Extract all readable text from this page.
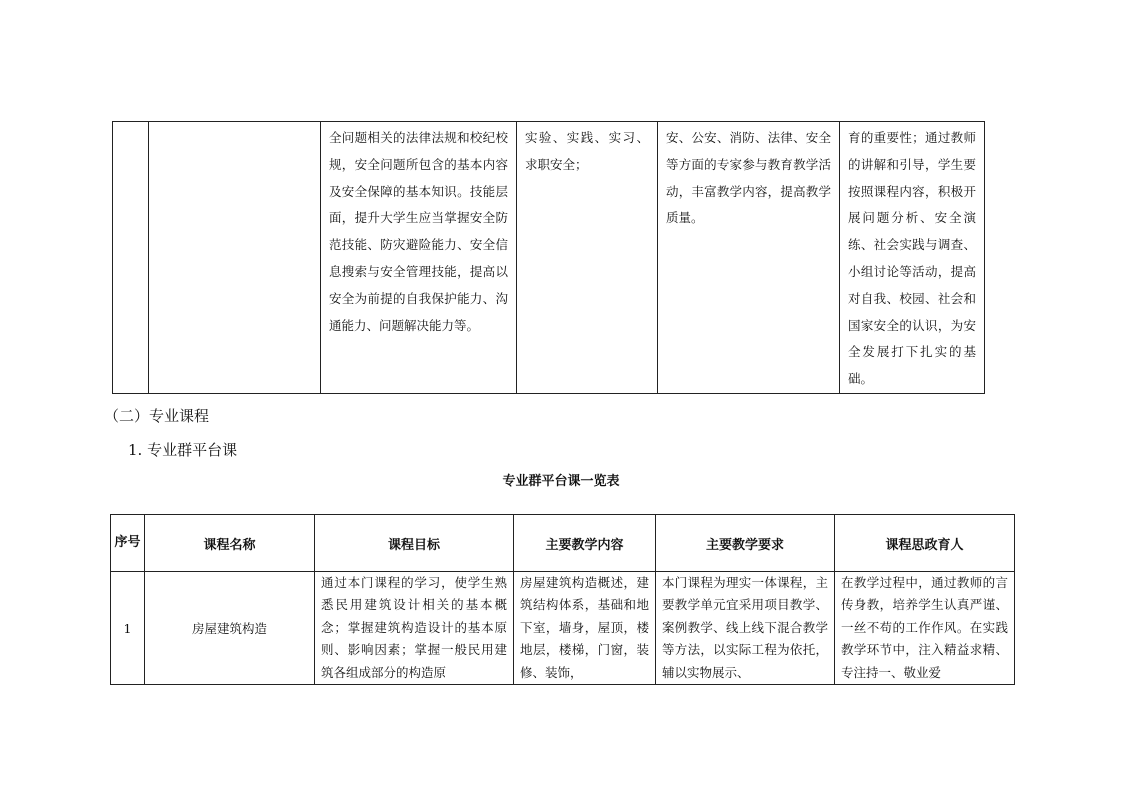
		全问题相关的法律法规和校纪校规，安全问题所包含的基本内容及安全保障的基本知识。技能层面，提升大学生应当掌握安全防范技能、防灾避险能力、安全信息搜索与安全管理技能，提高以安全为前提的自我保护能力、沟通能力、问题解决能力等。	实验、实践、实习、求职安全；	安、公安、消防、法律、安全等方面的专家参与教育教学活动，丰富教学内容，提高教学质量。	育的重要性；通过教师的讲解和引导，学生要按照课程内容，积极开展问题分析、安全演练、社会实践与调查、小组讨论等活动，提高对自我、校园、社会和国家安全的认识，为安全发展打下扎实的基础。
（二）专业课程
1. 专业群平台课
专业群平台课一览表
序号	课程名称	课程目标	主要教学内容	主要教学要求	课程思政育人
1	房屋建筑构造	通过本门课程的学习，使学生熟悉民用建筑设计相关的基本概念；掌握建筑构造设计的基本原则、影响因素；掌握一般民用建筑各组成部分的构造原	房屋建筑构造概述，建筑结构体系，基础和地下室，墙身，屋顶，楼地层，楼梯，门窗，装修、装饰，	本门课程为理实一体课程，主要教学单元宜采用项目教学、案例教学、线上线下混合教学等方法，以实际工程为依托，辅以实物展示、	在教学过程中，通过教师的言传身教，培养学生认真严谨、一丝不苟的工作作风。在实践教学环节中，注入精益求精、专注持一、敬业爱
